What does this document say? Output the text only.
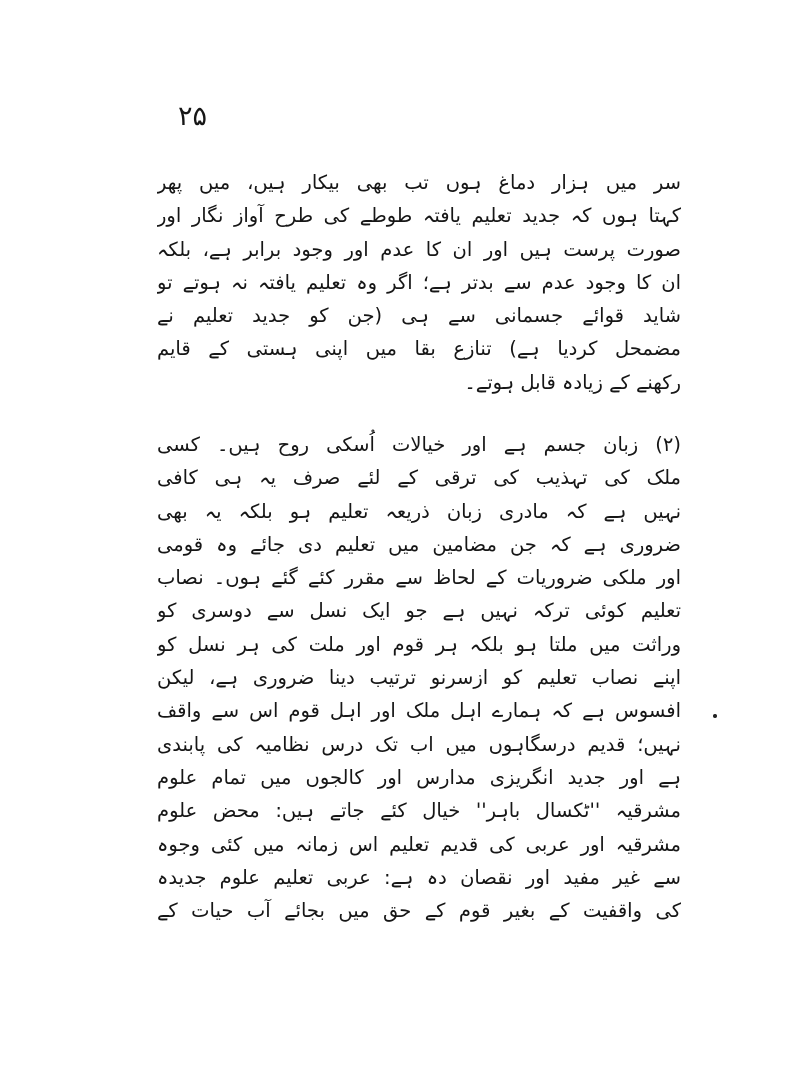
۲۵
سر میں ہزار دماغ ہوں تب بھی بیکار ہیں، میں پھر
کہتا ہوں کہ جدید تعلیم یافتہ طوطے کی طرح آواز نگار اور
صورت پرست ہیں اور ان کا عدم اور وجود برابر ہے، بلکہ
ان کا وجود عدم سے بدتر ہے؛ اگر وہ تعلیم یافتہ نہ ہوتے تو
شاید قوائے جسمانی سے ہی (جن کو جدید تعلیم نے
مضمحل کردیا ہے) تنازع بقا میں اپنی ہستی کے قایم
رکھنے کے زیادہ قابل ہوتے۔
(۲) زبان جسم ہے اور خیالات اُسکی روح ہیں۔ کسی
ملک کی تہذیب کی ترقی کے لئے صرف یہ ہی کافی
نہیں ہے کہ مادری زبان ذریعہ تعلیم ہو بلکہ یہ بھی
ضروری ہے کہ جن مضامین میں تعلیم دی جائے وہ قومی
اور ملکی ضروریات کے لحاظ سے مقرر کئے گئے ہوں۔ نصاب
تعلیم کوئی ترکہ نہیں ہے جو ایک نسل سے دوسری کو
وراثت میں ملتا ہو بلکہ ہر قوم اور ملت کی ہر نسل کو
اپنے نصاب تعلیم کو ازسرنو ترتیب دینا ضروری ہے، لیکن
افسوس ہے کہ ہمارے اہل ملک اور اہل قوم اس سے واقف
نہیں؛ قدیم درسگاہوں میں اب تک درس نظامیہ کی پابندی
ہے اور جدید انگریزی مدارس اور کالجوں میں تمام علوم
مشرقیہ ''ٹکسال باہر'' خیال کئے جاتے ہیں: محض علوم
مشرقیہ اور عربی کی قدیم تعلیم اس زمانہ میں کئی وجوہ
سے غیر مفید اور نقصان دہ ہے: عربی تعلیم علوم جدیدہ
کی واقفیت کے بغیر قوم کے حق میں بجائے آب حیات کے
